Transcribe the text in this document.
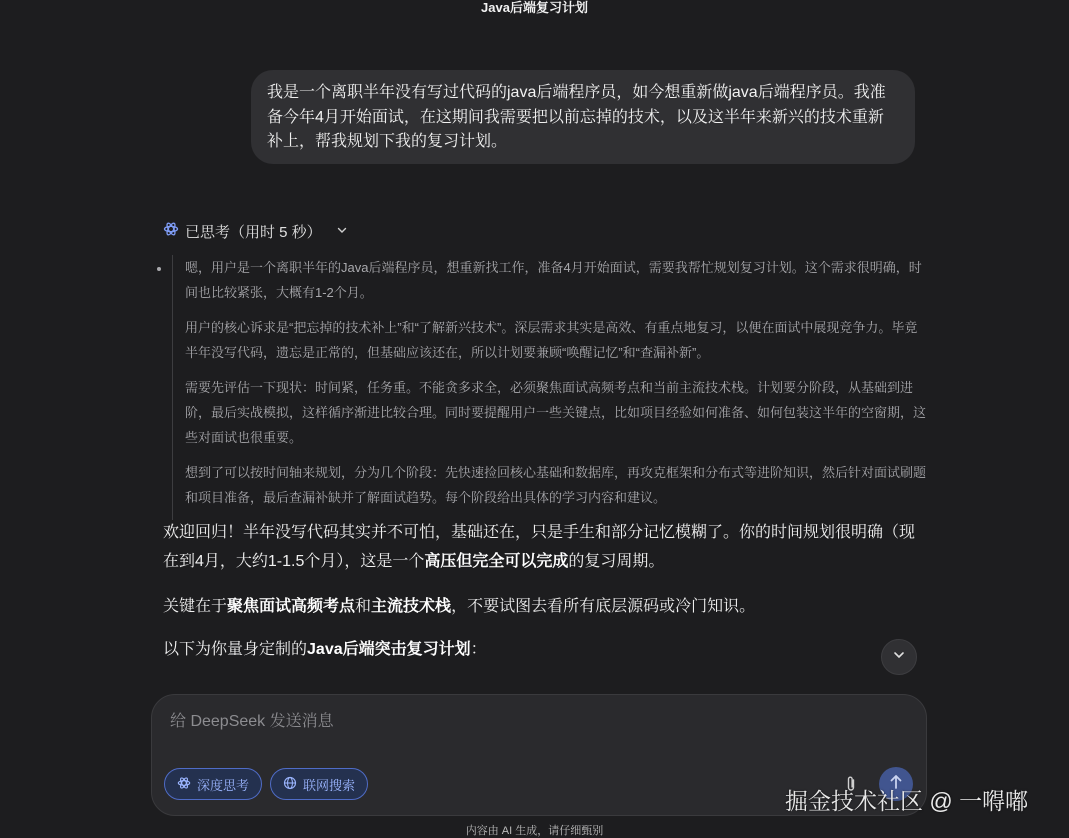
Java后端复习计划
我是一个离职半年没有写过代码的java后端程序员，如今想重新做java后端程序员。我准备今年4月开始面试，在这期间我需要把以前忘掉的技术，以及这半年来新兴的技术重新补上，帮我规划下我的复习计划。
已思考（用时 5 秒）

嗯，用户是一个离职半年的Java后端程序员，想重新找工作，准备4月开始面试，需要我帮忙规划复习计划。这个需求很明确，时间也比较紧张，大概有1-2个月。

用户的核心诉求是“把忘掉的技术补上”和“了解新兴技术”。深层需求其实是高效、有重点地复习，以便在面试中展现竞争力。毕竟半年没写代码，遗忘是正常的，但基础应该还在，所以计划要兼顾“唤醒记忆”和“查漏补新”。

需要先评估一下现状：时间紧，任务重。不能贪多求全，必须聚焦面试高频考点和当前主流技术栈。计划要分阶段，从基础到进阶，最后实战模拟，这样循序渐进比较合理。同时要提醒用户一些关键点，比如项目经验如何准备、如何包装这半年的空窗期，这些对面试也很重要。

想到了可以按时间轴来规划，分为几个阶段：先快速捡回核心基础和数据库，再攻克框架和分布式等进阶知识，然后针对面试刷题和项目准备，最后查漏补缺并了解面试趋势。每个阶段给出具体的学习内容和建议。

欢迎回归！半年没写代码其实并不可怕，基础还在，只是手生和部分记忆模糊了。你的时间规划很明确（现在到4月，大约1-1.5个月），这是一个高压但完全可以完成的复习周期。
关键在于聚焦面试高频考点和主流技术栈，不要试图去看所有底层源码或冷门知识。
以下为你量身定制的Java后端突击复习计划：
给 DeepSeek 发送消息
深度思考	联网搜索
掘金技术社区 @ 一嘚嘟
内容由 AI 生成，请仔细甄别
